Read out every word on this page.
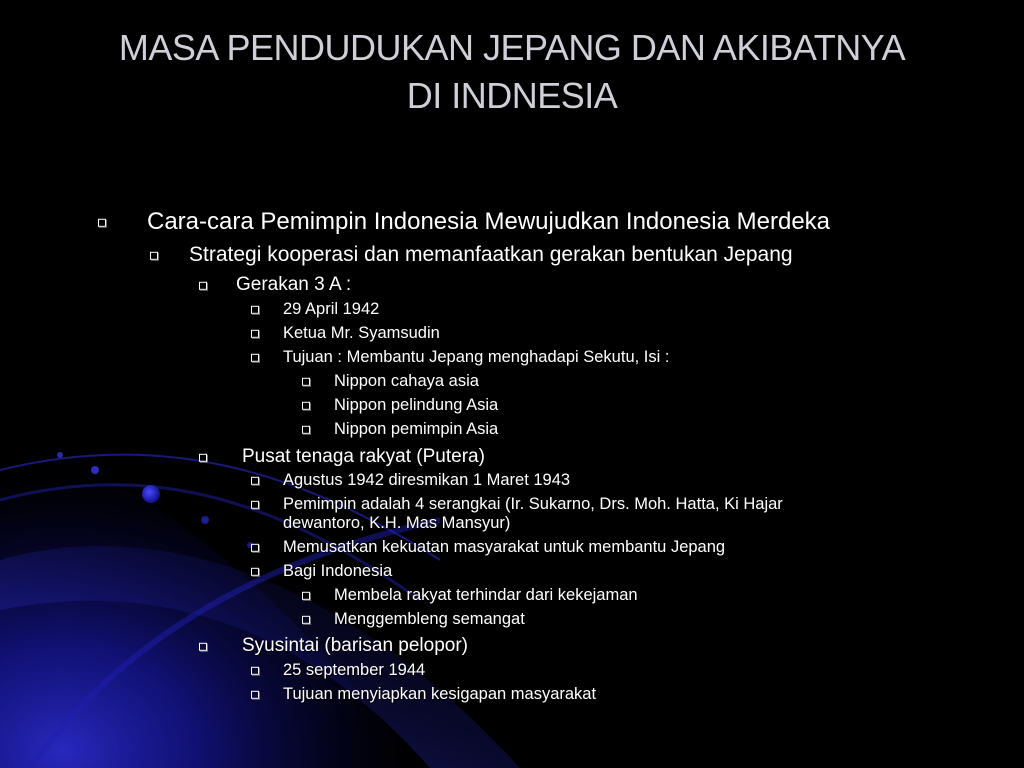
MASA PENDUDUKAN JEPANG DAN AKIBATNYA
DI INDNESIA
Cara-cara Pemimpin Indonesia Mewujudkan Indonesia Merdeka
Strategi kooperasi dan memanfaatkan gerakan bentukan Jepang
Gerakan 3 A :
29 April 1942
Ketua Mr. Syamsudin
Tujuan : Membantu Jepang menghadapi Sekutu, Isi :
Nippon cahaya asia
Nippon pelindung Asia
Nippon pemimpin Asia
Pusat tenaga rakyat (Putera)
Agustus 1942 diresmikan 1 Maret 1943
Pemimpin adalah 4 serangkai (Ir. Sukarno, Drs. Moh. Hatta, Ki Hajar
dewantoro, K.H. Mas Mansyur)
Memusatkan kekuatan masyarakat untuk membantu Jepang
Bagi Indonesia
Membela rakyat terhindar dari kekejaman
Menggembleng semangat
Syusintai (barisan pelopor)
25 september 1944
Tujuan menyiapkan kesigapan masyarakat
